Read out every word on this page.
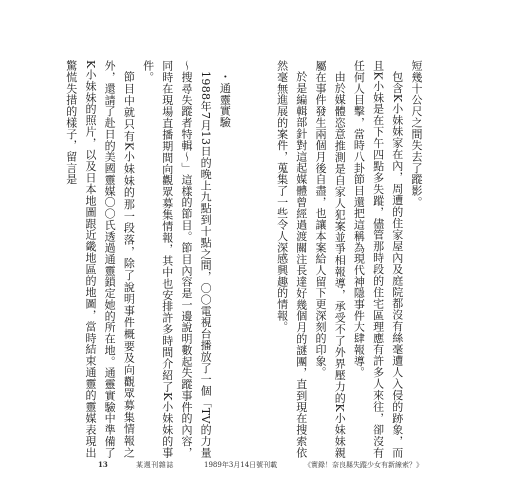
短幾十公尺之間失去了蹤影。

包含K小妹妹家在內，周遭的住家屋內及庭院都沒有絲毫遭人入侵的跡象，而且K小妹是在下午四點多失蹤，儘管那時段的住宅區理應有許多人來往，卻沒有任何人目擊，當時八卦節目還把這稱為現代神隱事件大肆報導。

由於媒體恣意推測是自家人犯案並爭相報導，承受不了外界壓力的K小妹妹親屬在事件發生兩個月後自盡，也讓本案給人留下更深刻的印象。

於是編輯部針對這起媒體曾經過渡關注長達好幾個月的謎團，直到現在搜索依然毫無進展的案件，蒐集了一些令人深感興趣的情報。

・通靈實驗

1988年7月13日的晚上九點到十點之間，〇〇電視台播放了一個「TV的力量～搜尋失蹤者特輯～」這樣的節目。節目內容是一邊說明數起失蹤事件的內容，同時在現場直播期間向觀眾募集情報，其中也安排許多時間介紹了K小妹妹的事件。

節目中就只有K小妹妹的那一段落，除了說明事件概要及向觀眾募集情報之外，還請了赴日的美國靈媒〇〇氏透過通靈鎖定她的所在地。通靈實驗中準備了K小妹妹的照片，以及日本地圖跟近畿地區的地圖，當時結束通靈的靈媒表現出驚慌失措的樣子，留言是

13	某週刊雜誌	1989年3月14日號刊載	《實錄！奈良縣失蹤少女有新線索？》
